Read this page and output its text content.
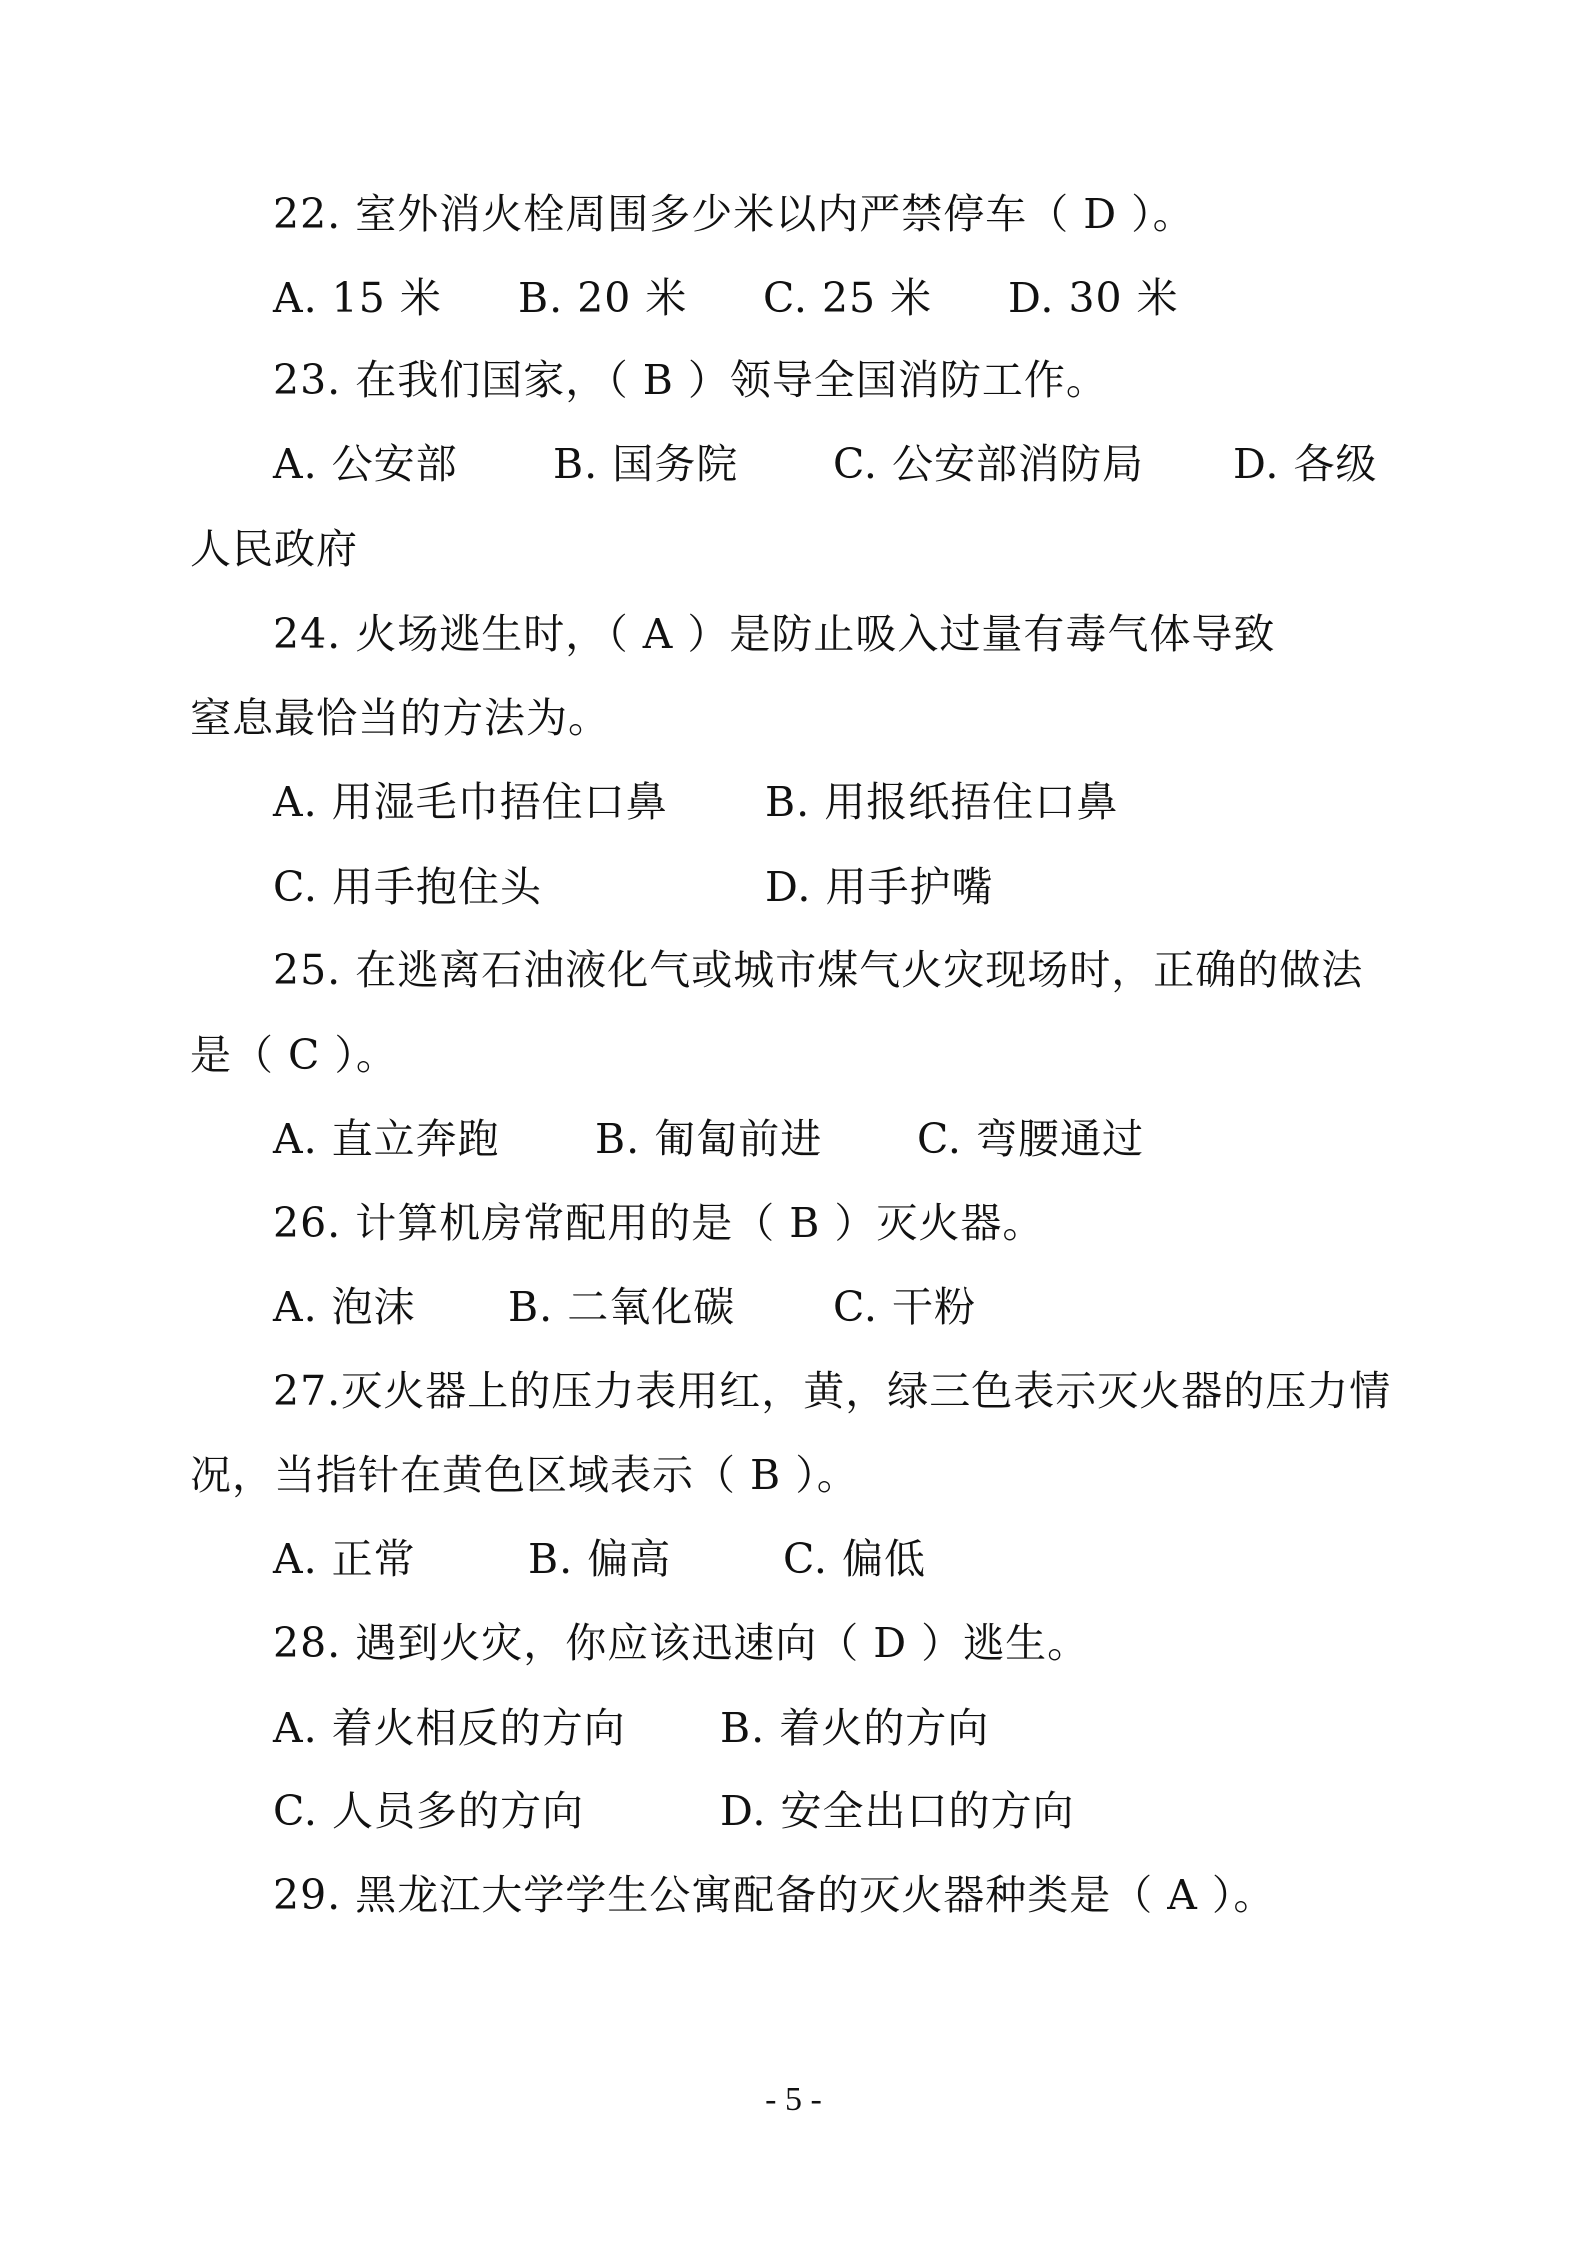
22. 室外消火栓周围多少米以内严禁停车（ D ）。
A. 15 米 B. 20 米 C. 25 米 D. 30 米
23. 在我们国家，（ B ）领导全国消防工作。
A. 公安部 B. 国务院 C. 公安部消防局 D. 各级
人民政府
24. 火场逃生时，（ A ）是防止吸入过量有毒气体导致
窒息最恰当的方法为。
A. 用湿毛巾捂住口鼻 B. 用报纸捂住口鼻
C. 用手抱住头	D. 用手护嘴
25. 在逃离石油液化气或城市煤气火灾现场时，正确的做法
是（ C ）。
A. 直立奔跑 B. 匍匐前进 C. 弯腰通过
26. 计算机房常配用的是（ B ）灭火器。
A. 泡沫 B. 二氧化碳 C. 干粉
27.灭火器上的压力表用红，黄，绿三色表示灭火器的压力情
况，当指针在黄色区域表示（ B ）。
A. 正常	B. 偏高	C. 偏低
28. 遇到火灾，你应该迅速向（ D ）逃生。
A. 着火相反的方向 B. 着火的方向
C. 人员多的方向	D. 安全出口的方向
29. 黑龙江大学学生公寓配备的灭火器种类是（ A ）。
- 5 -
